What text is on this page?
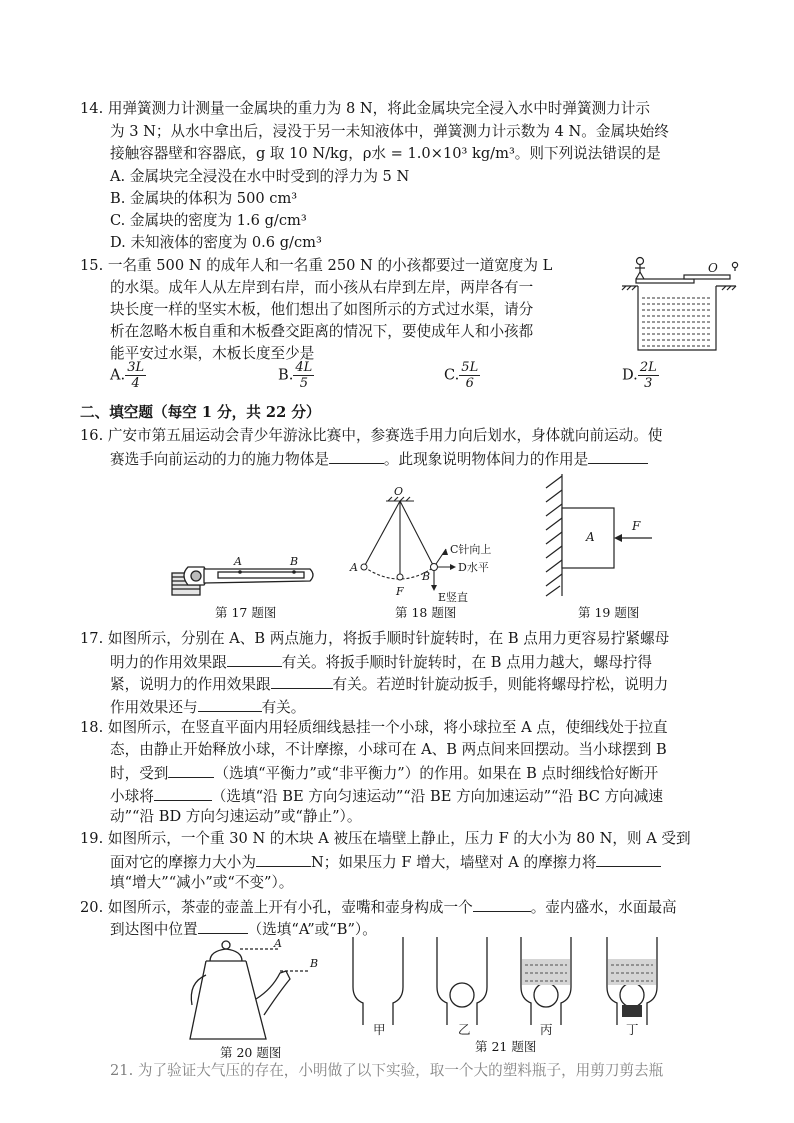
14. 用弹簧测力计测量一金属块的重力为 8 N，将此金属块完全浸入水中时弹簧测力计示
为 3 N；从水中拿出后，浸没于另一未知液体中，弹簧测力计示数为 4 N。金属块始终
接触容器壁和容器底，g 取 10 N/kg，ρ水 = 1.0×10³ kg/m³。则下列说法错误的是
A. 金属块完全浸没在水中时受到的浮力为 5 N
B. 金属块的体积为 500 cm³
C. 金属块的密度为 1.6 g/cm³
D. 未知液体的密度为 0.6 g/cm³
15. 一名重 500 N 的成年人和一名重 250 N 的小孩都要过一道宽度为 L
的水渠。成年人从左岸到右岸，而小孩从右岸到左岸，两岸各有一
块长度一样的坚实木板，他们想出了如图所示的方式过水渠，请分
析在忽略木板自重和木板叠交距离的情况下，要使成年人和小孩都
能平安过水渠，木板长度至少是
A. $\frac{3L}{4}$	B. $\frac{4L}{5}$	C. $\frac{5L}{6}$	D. $\frac{2L}{3}$
O
二、填空题（每空 1 分，共 22 分）
16. 广安市第五届运动会青少年游泳比赛中，参赛选手用力向后划水，身体就向前运动。使
赛选手向前运动的力的施力物体是	。此现象说明物体间力的作用是
A	B
第 17 题图
O
A
B
F
C针向上
D水平
E竖直
第 18 题图
A
F
第 19 题图
17. 如图所示，分别在 A、B 两点施力，将扳手顺时针旋转时，在 B 点用力更容易拧紧螺母
明力的作用效果跟	有关。将扳手顺时针旋转时，在 B 点用力越大，螺母拧得
紧，说明力的作用效果跟	有关。若逆时针旋动扳手，则能将螺母拧松，说明力
作用效果还与	有关。
18. 如图所示，在竖直平面内用轻质细线悬挂一个小球，将小球拉至 A 点，使细线处于拉直
态，由静止开始释放小球，不计摩擦，小球可在 A、B 两点间来回摆动。当小球摆到 B
时，受到	（选填“平衡力”或“非平衡力”）的作用。如果在 B 点时细线恰好断开
小球将	（选填“沿 BE 方向匀速运动”“沿 BE 方向加速运动”“沿 BC 方向减速
动”“沿 BD 方向匀速运动”或“静止”）。
19. 如图所示，一个重 30 N 的木块 A 被压在墙壁上静止，压力 F 的大小为 80 N，则 A 受到
面对它的摩擦力大小为	N；如果压力 F 增大，墙壁对 A 的摩擦力将
填“增大”“减小”或“不变”）。
20. 如图所示，茶壶的壶盖上开有小孔，壶嘴和壶身构成一个	。壶内盛水，水面最高
到达图中位置	（选填“A”或“B”）。
A
B
第 20 题图
甲	乙	丙	丁
第 21 题图
21. 为了验证大气压的存在，小明做了以下实验，取一个大的塑料瓶子，用剪刀剪去瓶
